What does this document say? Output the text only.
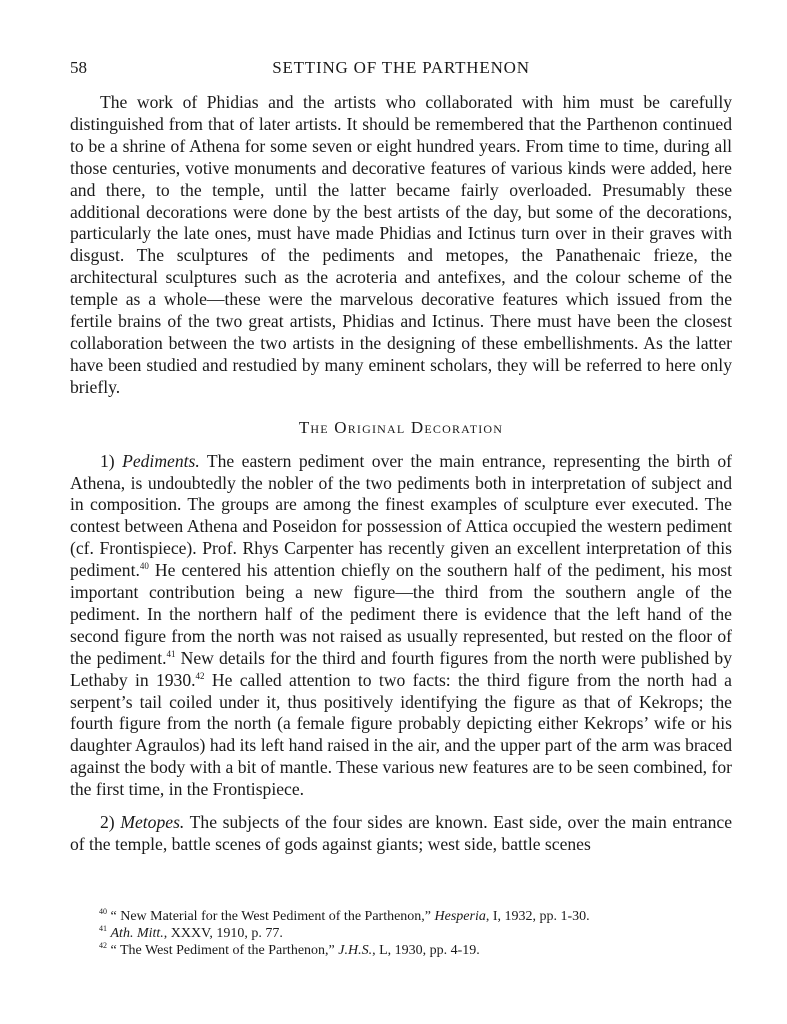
58	SETTING OF THE PARTHENON

The work of Phidias and the artists who collaborated with him must be carefully distinguished from that of later artists. It should be remembered that the Parthenon continued to be a shrine of Athena for some seven or eight hundred years. From time to time, during all those centuries, votive monuments and decorative features of various kinds were added, here and there, to the temple, until the latter became fairly overloaded. Presumably these additional decorations were done by the best artists of the day, but some of the decorations, particularly the late ones, must have made Phidias and Ictinus turn over in their graves with disgust. The sculptures of the pediments and metopes, the Panathenaic frieze, the architectural sculptures such as the acroteria and antefixes, and the colour scheme of the temple as a whole—these were the marvelous decorative features which issued from the fertile brains of the two great artists, Phidias and Ictinus. There must have been the closest collaboration between the two artists in the designing of these embellishments. As the latter have been studied and restudied by many eminent scholars, they will be referred to here only briefly.

The Original Decoration

1) Pediments. The eastern pediment over the main entrance, representing the birth of Athena, is undoubtedly the nobler of the two pediments both in interpretation of subject and in composition. The groups are among the finest examples of sculpture ever executed. The contest between Athena and Poseidon for possession of Attica occupied the western pediment (cf. Frontispiece). Prof. Rhys Carpenter has recently given an excellent interpretation of this pediment.$^{40}$ He centered his attention chiefly on the southern half of the pediment, his most important contribution being a new figure—the third from the southern angle of the pediment. In the northern half of the pediment there is evidence that the left hand of the second figure from the north was not raised as usually represented, but rested on the floor of the pediment.$^{41}$ New details for the third and fourth figures from the north were published by Lethaby in 1930.42 He called attention to two facts: the third figure from the north had a serpent’s tail coiled under it, thus positively identifying the figure as that of Kekrops; the fourth figure from the north (a female figure probably depicting either Kekrops’ wife or his daughter Agraulos) had its left hand raised in the air, and the upper part of the arm was braced against the body with a bit of mantle. These various new features are to be seen combined, for the first time, in the Frontispiece.

2) Metopes. The subjects of the four sides are known. East side, over the main entrance of the temple, battle scenes of gods against giants; west side, battle scenes

$^{40}$ “ New Material for the West Pediment of the Parthenon,” Hesperia, I, 1932, pp. 1-30.

$^{41}$ Ath. Mitt., XXXV, 1910, p. 77.

$^{42}$ “ The West Pediment of the Parthenon,” J.H.S., L, 1930, pp. 4-19.
